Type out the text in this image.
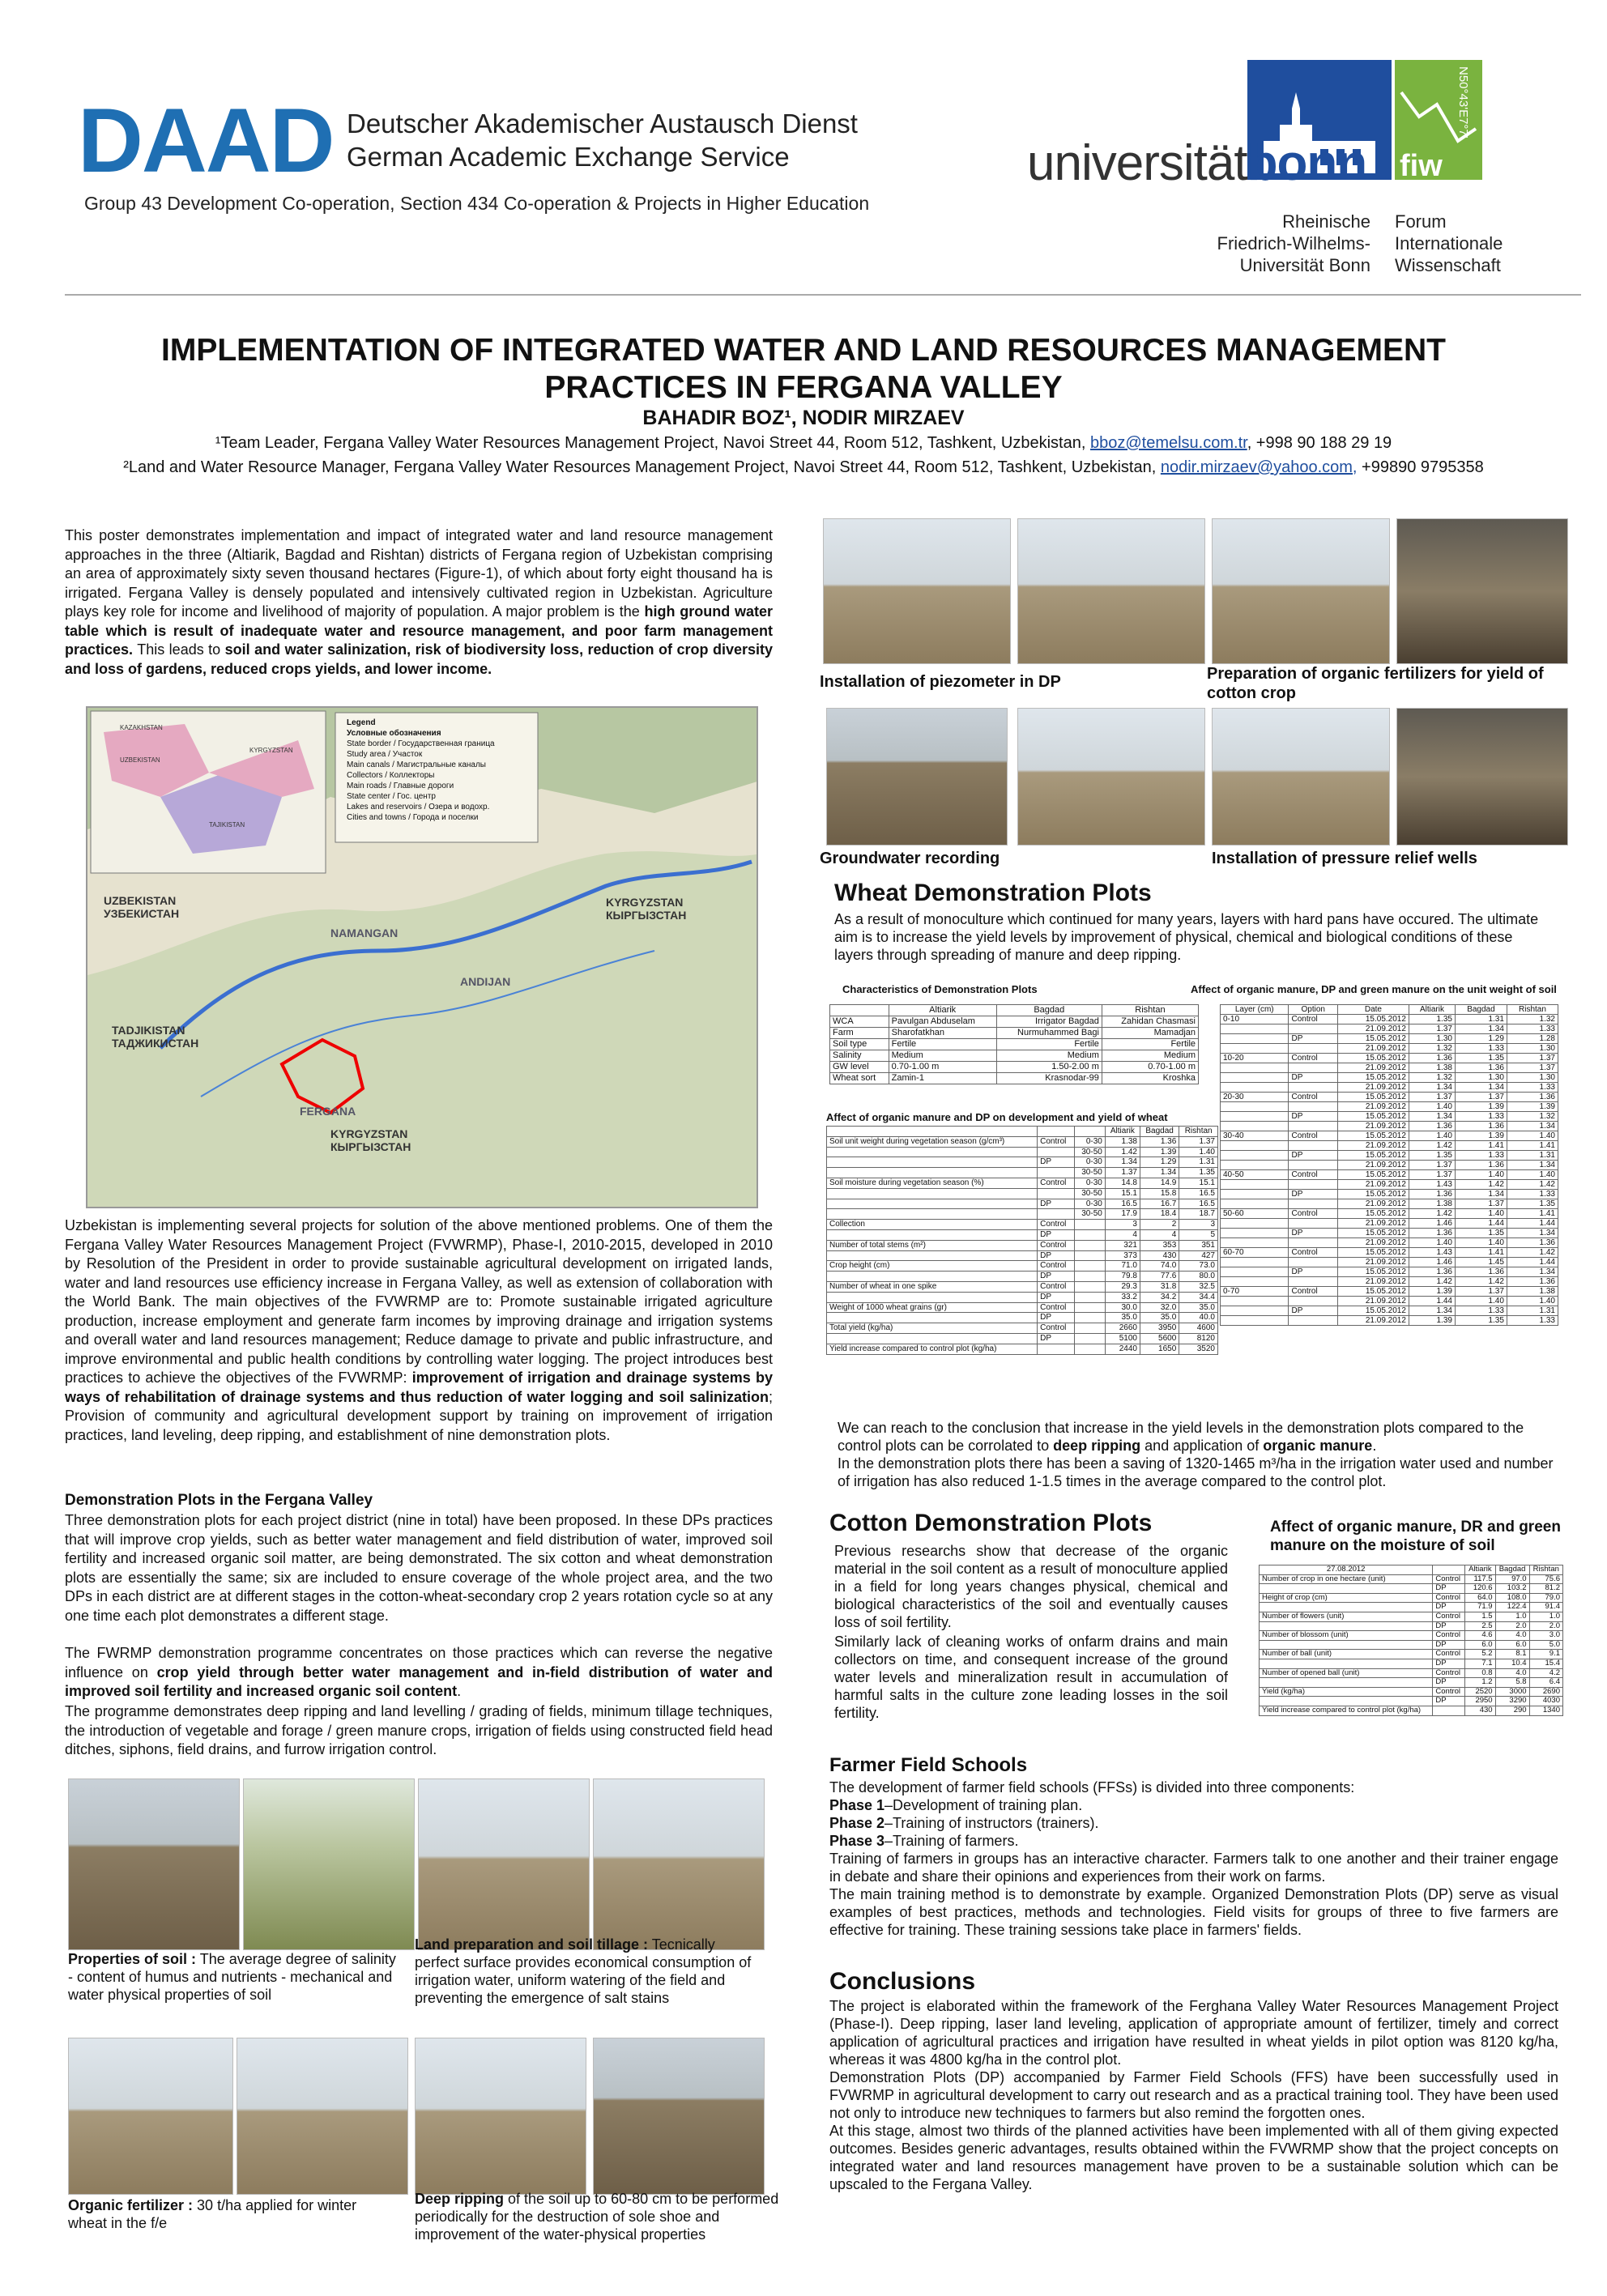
DAAD Deutscher Akademischer Austausch Dienst
German Academic Exchange Service
Group 43 Development Co-operation, Section 434 Co-operation & Projects in Higher Education
universitätbonn
Rheinische
Friedrich-Wilhelms-
Universität Bonn
fiw
N50°43'E7°7'
Forum
Internationale
Wissenschaft
IMPLEMENTATION OF INTEGRATED WATER AND LAND RESOURCES MANAGEMENT
PRACTICES IN FERGANA VALLEY
BAHADIR BOZ¹, NODIR MIRZAEV
¹Team Leader, Fergana Valley Water Resources Management Project, Navoi Street 44, Room 512, Tashkent, Uzbekistan, bboz@temelsu.com.tr, +998 90 188 29 19
²Land and Water Resource Manager, Fergana Valley Water Resources Management Project, Navoi Street 44, Room 512, Tashkent, Uzbekistan, nodir.mirzaev@yahoo.com, +99890 9795358
This poster demonstrates implementation and impact of integrated water and land resource management approaches in the three (Altiarik, Bagdad and Rishtan) districts of Fergana region of Uzbekistan comprising an area of approximately sixty seven thousand hectares (Figure-1), of which about forty eight thousand ha is irrigated. Fergana Valley is densely populated and intensively cultivated region in Uzbekistan. Agriculture plays key role for income and livelihood of majority of population. A major problem is the high ground water table which is result of inadequate water and resource management, and poor farm management practices. This leads to soil and water salinization, risk of biodiversity loss, reduction of crop diversity and loss of gardens, reduced crops yields, and lower income.
Legend
Условные обозначения
State border / Государственная граница
Study area / Участок
Main canals / Магистральные каналы
Collectors / Коллекторы
Main roads / Главные дороги
State center / Гос. центр
Lakes and reservoirs / Озера и водохр.
Cities and towns / Города и поселки
UZBEKISTAN
УЗБЕКИСТАН
KYRGYZSTAN
КЫРГЫЗСТАН
NAMANGAN
ANDIJAN
TADJIKISTAN
ТАДЖИКИСТАН
FERGANA
KYRGYZSTAN
КЫРГЫЗСТАН
KAZAKHSTAN
KYRGYZSTAN
UZBEKISTAN
TAJIKISTAN
Uzbekistan is implementing several projects for solution of the above mentioned problems. One of them the Fergana Valley Water Resources Management Project (FVWRMP), Phase-I, 2010-2015, developed in 2010 by Resolution of the President in order to provide sustainable agricultural development on irrigated lands, water and land resources use efficiency increase in Fergana Valley, as well as extension of collaboration with the World Bank. The main objectives of the FVWRMP are to: Promote sustainable irrigated agriculture production, increase employment and generate farm incomes by improving drainage and irrigation systems and overall water and land resources management; Reduce damage to private and public infrastructure, and improve environmental and public health conditions by controlling water logging. The project introduces best practices to achieve the objectives of the FVWRMP: improvement of irrigation and drainage systems by ways of rehabilitation of drainage systems and thus reduction of water logging and soil salinization; Provision of community and agricultural development support by training on improvement of irrigation practices, land leveling, deep ripping, and establishment of nine demonstration plots.
Demonstration Plots in the Fergana Valley
Three demonstration plots for each project district (nine in total) have been proposed. In these DPs practices that will improve crop yields, such as better water management and field distribution of water, improved soil fertility and increased organic soil matter, are being demonstrated. The six cotton and wheat demonstration plots are essentially the same; six are included to ensure coverage of the whole project area, and the two DPs in each district are at different stages in the cotton-wheat-secondary crop 2 years rotation cycle so at any one time each plot demonstrates a different stage.
The FWRMP demonstration programme concentrates on those practices which can reverse the negative influence on crop yield through better water management and in-field distribution of water and improved soil fertility and increased organic soil content.
The programme demonstrates deep ripping and land levelling / grading of fields, minimum tillage techniques, the introduction of vegetable and forage / green manure crops, irrigation of fields using constructed field head ditches, siphons, field drains, and furrow irrigation control.
Properties of soil : The average degree of salinity - content of humus and nutrients - mechanical and water physical properties of soil
Land preparation and soil tillage : Tecnically perfect surface provides economical consumption of irrigation water, uniform watering of the field and preventing the emergence of salt stains
Organic fertilizer : 30 t/ha applied for winter wheat in the f/e
Deep ripping of the soil up to 60-80 cm to be performed periodically for the destruction of sole shoe and improvement of the water-physical properties
Installation of piezometer in DP	Preparation of organic fertilizers for yield of cotton crop
Groundwater recording	Installation of pressure relief wells
Wheat Demonstration Plots
As a result of monoculture which continued for many years, layers with hard pans have occured. The ultimate aim is to increase the yield levels by improvement of physical, chemical and biological conditions of these layers through spreading of manure and deep ripping.
Characteristics of Demonstration Plots
	Altiarik	Bagdad	Rishtan
WCA	Pavulgan Abduselam	Irrigator Bagdad	Zahidan Chasmasi
Farm	Sharofatkhan	Nurmuhammed Bagi	Mamadjan
Soil type	Fertile	Fertile	Fertile
Salinity	Medium	Medium	Medium
GW level	0.70-1.00 m	1.50-2.00 m	0.70-1.00 m
Wheat sort	Zamin-1	Krasnodar-99	Kroshka
Affect of organic manure and DP on development and yield of wheat
			Altiarik	Bagdad	Rishtan
Soil unit weight during vegetation season (g/cm³)	Control	0-30	1.38	1.36	1.37
		30-50	1.42	1.39	1.40
	DP	0-30	1.34	1.29	1.31
		30-50	1.37	1.34	1.35
Soil moisture during vegetation season (%)	Control	0-30	14.8	14.9	15.1
		30-50	15.1	15.8	16.5
	DP	0-30	16.5	16.7	16.5
		30-50	17.9	18.4	18.7
Collection	Control		3	2	3
	DP		4	4	5
Number of total stems (m²)	Control		321	353	351
	DP		373	430	427
Crop height (cm)	Control		71.0	74.0	73.0
	DP		79.8	77.6	80.0
Number of wheat in one spike	Control		29.3	31.8	32.5
	DP		33.2	34.2	34.4
Weight of 1000 wheat grains (gr)	Control		30.0	32.0	35.0
	DP		35.0	35.0	40.0
Total yield (kg/ha)	Control		2660	3950	4600
	DP		5100	5600	8120
Yield increase compared to control plot (kg/ha)			2440	1650	3520
Affect of organic manure, DP and green manure on the unit weight of soil
Layer (cm)	Option	Date	Altiarik	Bagdad	Rishtan
0-10	Control	15.05.2012	1.35	1.31	1.32
		21.09.2012	1.37	1.34	1.33
	DP	15.05.2012	1.30	1.29	1.28
		21.09.2012	1.32	1.33	1.30
10-20	Control	15.05.2012	1.36	1.35	1.37
		21.09.2012	1.38	1.36	1.37
	DP	15.05.2012	1.32	1.30	1.30
		21.09.2012	1.34	1.34	1.33
20-30	Control	15.05.2012	1.37	1.37	1.36
		21.09.2012	1.40	1.39	1.39
	DP	15.05.2012	1.34	1.33	1.32
		21.09.2012	1.36	1.36	1.34
30-40	Control	15.05.2012	1.40	1.39	1.40
		21.09.2012	1.42	1.41	1.41
	DP	15.05.2012	1.35	1.33	1.31
		21.09.2012	1.37	1.36	1.34
40-50	Control	15.05.2012	1.37	1.40	1.40
		21.09.2012	1.43	1.42	1.42
	DP	15.05.2012	1.36	1.34	1.33
		21.09.2012	1.38	1.37	1.35
50-60	Control	15.05.2012	1.42	1.40	1.41
		21.09.2012	1.46	1.44	1.44
	DP	15.05.2012	1.36	1.35	1.34
		21.09.2012	1.40	1.40	1.36
60-70	Control	15.05.2012	1.43	1.41	1.42
		21.09.2012	1.46	1.45	1.44
	DP	15.05.2012	1.36	1.36	1.34
		21.09.2012	1.42	1.42	1.36
0-70	Control	15.05.2012	1.39	1.37	1.38
		21.09.2012	1.44	1.40	1.40
	DP	15.05.2012	1.34	1.33	1.31
		21.09.2012	1.39	1.35	1.33
We can reach to the conclusion that increase in the yield levels in the demonstration plots compared to the control plots can be corrolated to deep ripping and application of organic manure.
In the demonstration plots there has been a saving of 1320-1465 m³/ha in the irrigation water used and number of irrigation has also reduced 1-1.5 times in the average compared to the control plot.
Cotton Demonstration Plots
Previous researchs show that decrease of the organic material in the soil content as a result of monoculture applied in a field for long years changes physical, chemical and biological characteristics of the soil and eventually causes loss of soil fertility.
Similarly lack of cleaning works of onfarm drains and main collectors on time, and consequent increase of the ground water levels and mineralization result in accumulation of harmful salts in the culture zone leading losses in the soil fertility.
Affect of organic manure, DR and green manure on the moisture of soil
27.08.2012		Altiarik	Bagdad	Rishtan
Number of crop in one hectare (unit)	Control	117.5	97.0	75.6
	DP	120.6	103.2	81.2
Height of crop (cm)	Control	64.0	108.0	79.0
	DP	71.9	122.4	91.4
Number of flowers (unit)	Control	1.5	1.0	1.0
	DP	2.5	2.0	2.0
Number of blossom (unit)	Control	4.6	4.0	3.0
	DP	6.0	6.0	5.0
Number of ball (unit)	Control	5.2	8.1	9.1
	DP	7.1	10.4	15.4
Number of opened ball (unit)	Control	0.8	4.0	4.2
	DP	1.2	5.8	6.4
Yield (kg/ha)	Control	2520	3000	2690
	DP	2950	3290	4030
Yield increase compared to control plot (kg/ha)		430	290	1340
Farmer Field Schools
The development of farmer field schools (FFSs) is divided into three components:
Phase 1–Development of training plan.
Phase 2–Training of instructors (trainers).
Phase 3–Training of farmers.
Training of farmers in groups has an interactive character. Farmers talk to one another and their trainer engage in debate and share their opinions and experiences from their work on farms.
The main training method is to demonstrate by example. Organized Demonstration Plots (DP) serve as visual examples of best practices, methods and technologies. Field visits for groups of three to five farmers are effective for training. These training sessions take place in farmers' fields.
Conclusions
The project is elaborated within the framework of the Ferghana Valley Water Resources Management Project (Phase-I). Deep ripping, laser land leveling, application of appropriate amount of fertilizer, timely and correct application of agricultural practices and irrigation have resulted in wheat yields in pilot option was 8120 kg/ha, whereas it was 4800 kg/ha in the control plot.
Demonstration Plots (DP) accompanied by Farmer Field Schools (FFS) have been successfully used in FVWRMP in agricultural development to carry out research and as a practical training tool. They have been used not only to introduce new techniques to farmers but also remind the forgotten ones.
At this stage, almost two thirds of the planned activities have been implemented with all of them giving expected outcomes. Besides generic advantages, results obtained within the FVWRMP show that the project concepts on integrated water and land resources management have proven to be a sustainable solution which can be upscaled to the Fergana Valley.
